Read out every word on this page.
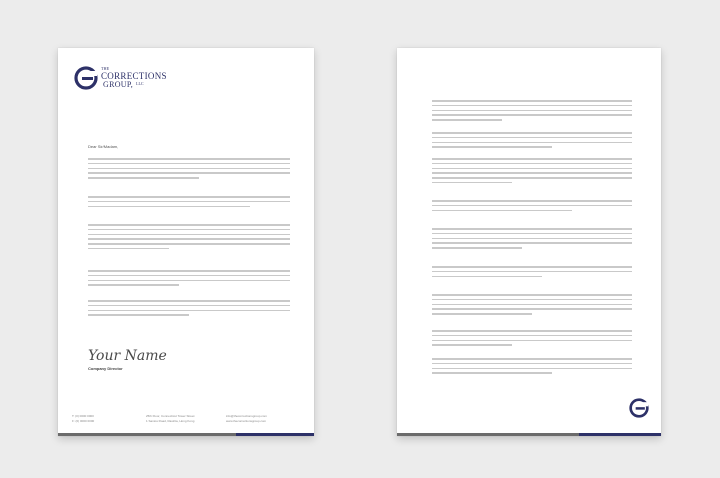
THE
CORRECTIONS
GROUP, LLC
Dear Sir/Madam,
Your Name
Company Director
T: (0) 0000 0000
F: (0) 0000 0000
25th Floor, Connecticut Tower Street
1 Santos Road, Rastriia, Hong Kong
info@thecorrectionsgroup.com
www.thecorrectionsgroup.com
